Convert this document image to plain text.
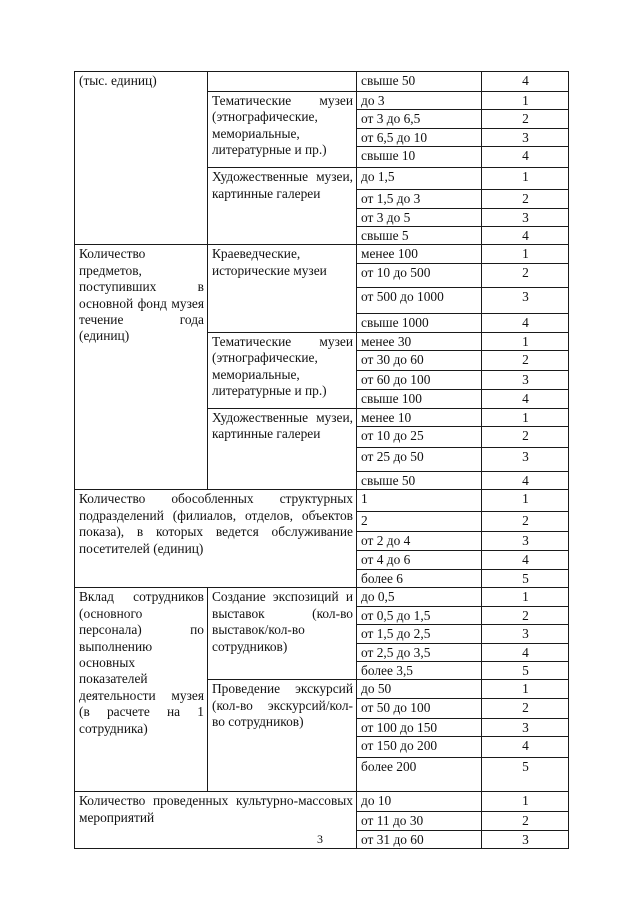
(тыс. единиц)		свыше 50	4
	Тематические музеи (этнографические, мемориальные, литературные и пр.)	до 3	1
		от 3 до 6,5	2
		от 6,5 до 10	3
		свыше 10	4
	Художественные музеи, картинные галереи	до 1,5	1
		от 1,5 до 3	2
		от 3 до 5	3
		свыше 5	4
Количество предметов, поступивших в основной фонд музея течение года (единиц)	Краеведческие, исторические музеи	менее 100	1
		от 10 до 500	2
		от 500 до 1000	3
		свыше 1000	4
	Тематические музеи (этнографические, мемориальные, литературные и пр.)	менее 30	1
		от 30 до 60	2
		от 60 до 100	3
		свыше 100	4
	Художественные музеи, картинные галереи	менее 10	1
		от 10 до 25	2
		от 25 до 50	3
		свыше 50	4
Количество обособленных структурных подразделений (филиалов, отделов, объектов показа), в которых ведется обслуживание посетителей (единиц)		1	1
		2	2
		от 2 до 4	3
		от 4 до 6	4
		более 6	5
Вклад сотрудников (основного персонала) по выполнению основных показателей деятельности музея (в расчете на 1 сотрудника)	Создание экспозиций и выставок (кол-во выставок/кол-во сотрудников)	до 0,5	1
		от 0,5 до 1,5	2
		от 1,5 до 2,5	3
		от 2,5 до 3,5	4
		более 3,5	5
	Проведение экскурсий (кол-во экскурсий/кол-во сотрудников)	до 50	1
		от 50 до 100	2
		от 100 до 150	3
		от 150 до 200	4
		более 200	5
Количество проведенных культурно-массовых мероприятий		до 10	1
		от 11 до 30	2
		от 31 до 60	3
3
